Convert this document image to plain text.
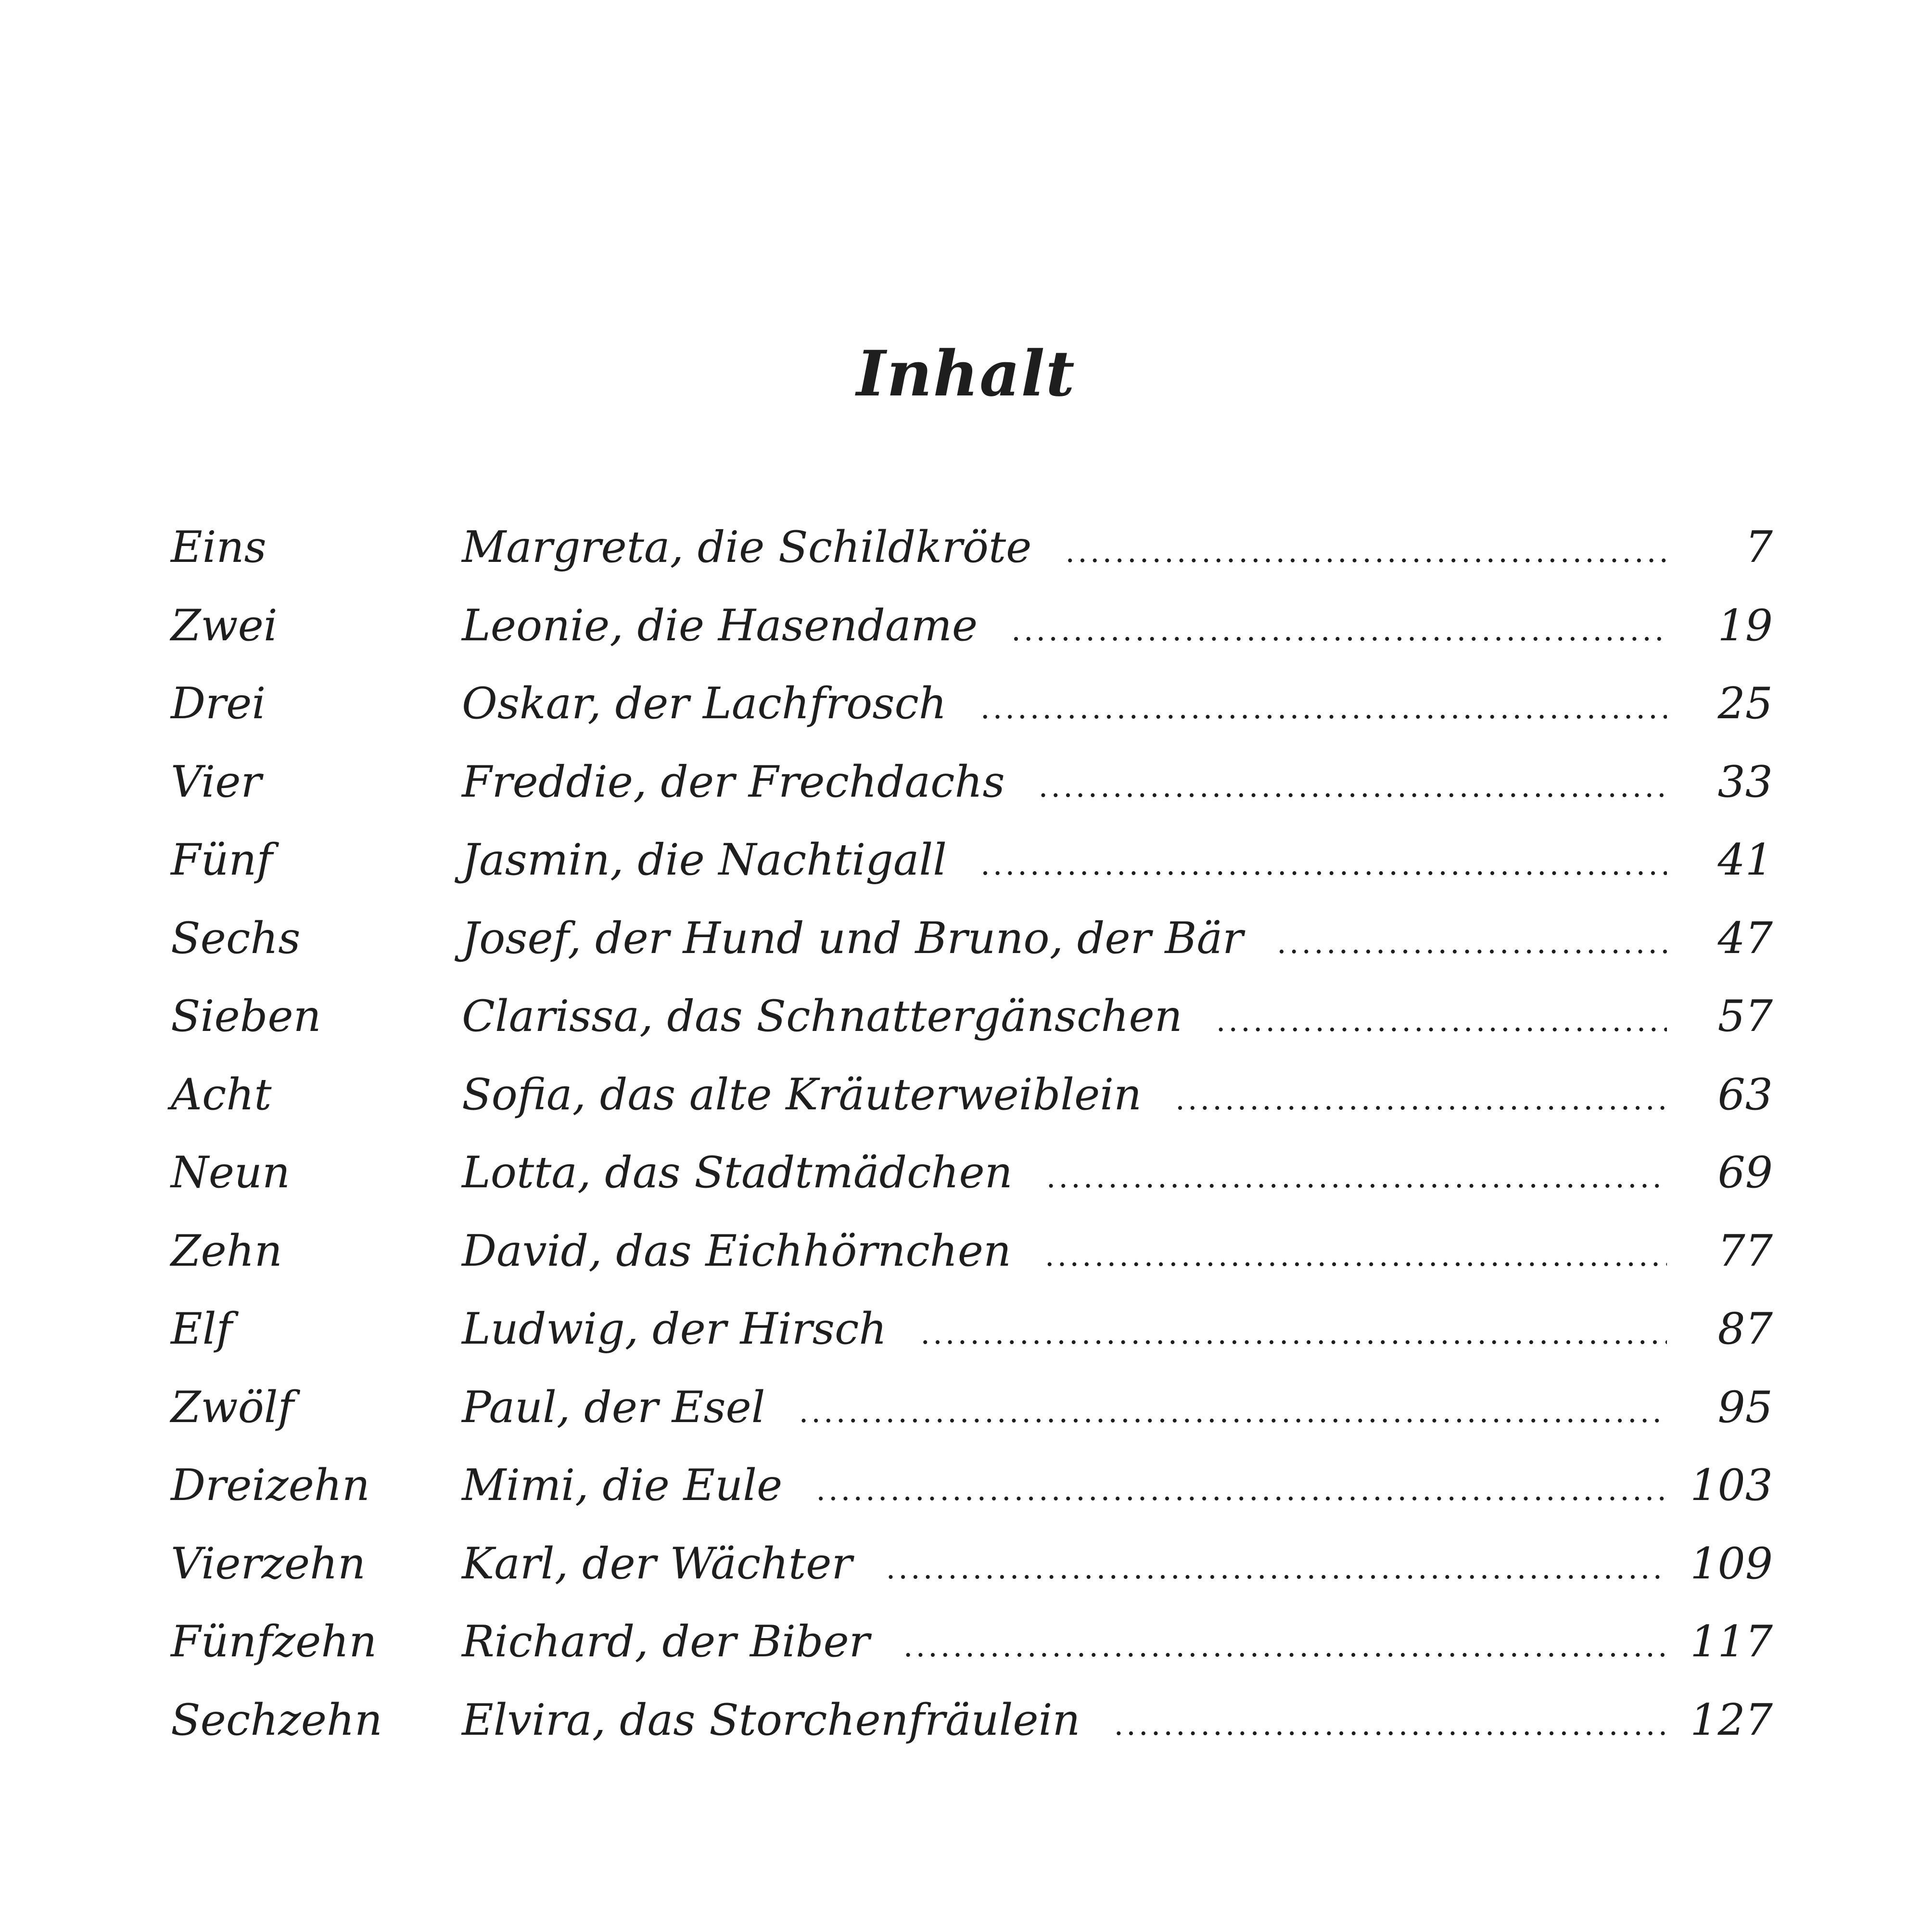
Inhalt
Eins	Margreta, die Schildkröte .....	7
Zwei	Leonie, die Hasendame .....	19
Drei	Oskar, der Lachfrosch .....	25
Vier	Freddie, der Frechdachs .....	33
Fünf	Jasmin, die Nachtigall .....	41
Sechs	Josef, der Hund und Bruno, der Bär .....	47
Sieben	Clarissa, das Schnattergänschen .....	57
Acht	Sofia, das alte Kräuterweiblein .....	63
Neun	Lotta, das Stadtmädchen .....	69
Zehn	David, das Eichhörnchen .....	77
Elf	Ludwig, der Hirsch .....	87
Zwölf	Paul, der Esel .....	95
Dreizehn	Mimi, die Eule .....	103
Vierzehn	Karl, der Wächter .....	109
Fünfzehn	Richard, der Biber .....	117
Sechzehn	Elvira, das Storchenfräulein .....	127
